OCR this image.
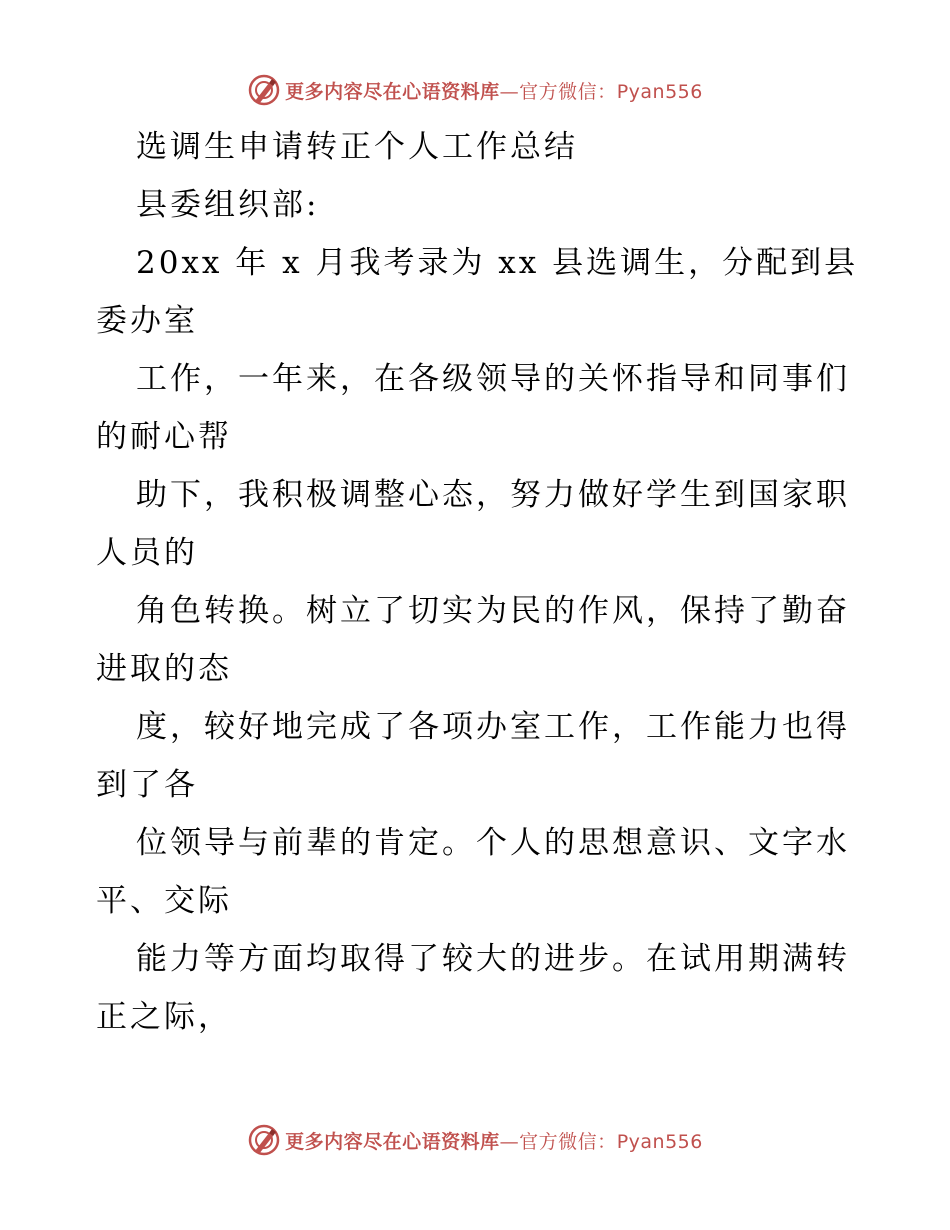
更多内容尽在心语资料库—官方微信：Pyan556
选调生申请转正个人工作总结
县委组织部:
20xx 年 x 月我考录为 xx 县选调生，分配到县
委办室
工作，一年来，在各级领导的关怀指导和同事们
的耐心帮
助下，我积极调整心态，努力做好学生到国家职
人员的
角色转换。树立了切实为民的作风，保持了勤奋
进取的态
度，较好地完成了各项办室工作，工作能力也得
到了各
位领导与前辈的肯定。个人的思想意识、文字水
平、交际
能力等方面均取得了较大的进步。在试用期满转
正之际，
更多内容尽在心语资料库—官方微信：Pyan556
